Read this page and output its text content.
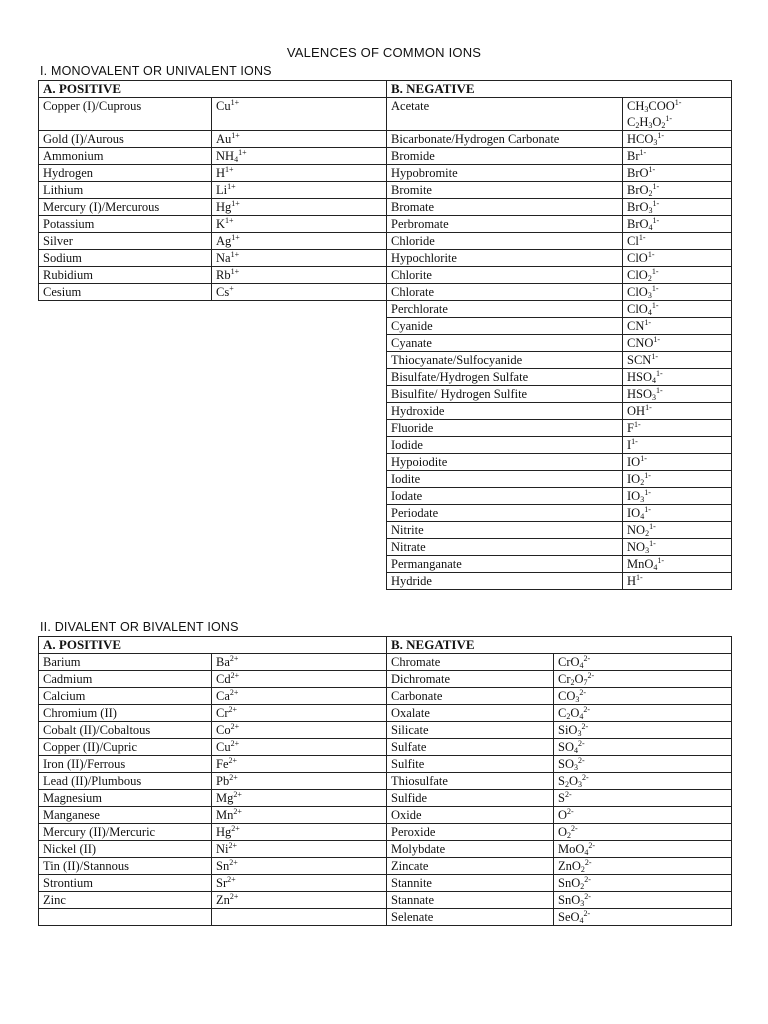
VALENCES OF COMMON IONS
I. MONOVALENT OR UNIVALENT IONS
A. POSITIVE		B. NEGATIVE	
Copper (I)/Cuprous	$Cu^{1+}$	Acetate	$CH_3COO^{1-}$
$C_2H_3O_2^{1-}$
Gold (I)/Aurous	$Au^{1+}$	Bicarbonate/Hydrogen Carbonate	$HCO_3^{1-}$
Ammonium	$NH_4^{1+}$	Bromide	$Br^{1-}$
Hydrogen	$H^{1+}$	Hypobromite	BrO$^{1-}$
Lithium	$Li^{1+}$	Bromite	BrO$_2^{1-}$
Mercury (I)/Mercurous	$Hg^{1+}$	Bromate	BrO$_3^{1-}$
Potassium	$K^{1+}$	Perbromate	BrO$_4^{1-}$
Silver	$Ag^{1+}$	Chloride	$Cl^{1-}$
Sodium	$Na^{1+}$	Hypochlorite	ClO$^{1-}$
Rubidium	$Rb^{1+}$	Chlorite	ClO$_2^{1-}$
Cesium	Cs+	Chlorate	ClO$_3^{1-}$
		Perchlorate	ClO$_4^{1-}$
		Cyanide	$CN^{1-}$
		Cyanate	$CNO^{1-}$
		Thiocyanate/Sulfocyanide	$SCN^{1-}$
		Bisulfate/Hydrogen Sulfate	$HSO_4^{1-}$
		Bisulfite/ Hydrogen Sulfite	$HSO_3^{1-}$
		Hydroxide	$OH^{1-}$
		Fluoride	$F^{1-}$
		Iodide	$I^{1-}$
		Hypoiodite	$IO^{1-}$
		Iodite	$IO_2^{1-}$
		Iodate	$IO_3^{1-}$
		Periodate	$IO_4^{1-}$
		Nitrite	$NO_2^{1-}$
		Nitrate	$NO_3^{1-}$
		Permanganate	MnO$_4^{1-}$
		Hydride	$H^{1-}$
II. DIVALENT OR BIVALENT IONS
A. POSITIVE		B. NEGATIVE	
Barium	$Ba^{2+}$	Chromate	CrO$_4^{2-}$
Cadmium	$Cd^{2+}$	Dichromate	$Cr_2O_7^{2-}$
Calcium	$Ca^{2+}$	Carbonate	$CO_3^{2-}$
Chromium (II)	$Cr^{2+}$	Oxalate	$C_2O_4^{2-}$
Cobalt (II)/Cobaltous	$Co^{2+}$	Silicate	SiO$_3^{2-}$
Copper (II)/Cupric	$Cu^{2+}$	Sulfate	$SO_4^{2-}$
Iron (II)/Ferrous	$Fe^{2+}$	Sulfite	$SO_3^{2-}$
Lead (II)/Plumbous	$Pb^{2+}$	Thiosulfate	$S_2O_3^{2-}$
Magnesium	$Mg^{2+}$	Sulfide	$S^{2-}$
Manganese	$Mn^{2+}$	Oxide	$O^{2-}$
Mercury (II)/Mercuric	$Hg^{2+}$	Peroxide	$O_2^{2-}$
Nickel (II)	$Ni^{2+}$	Molybdate	MoO$_4^{2-}$
Tin (II)/Stannous	$Sn^{2+}$	Zincate	ZnO$_2^{2-}$
Strontium	$Sr^{2+}$	Stannite	SnO$_2^{2-}$
Zinc	$Zn^{2+}$	Stannate	SnO$_3^{2-}$
		Selenate	SeO$_4^{2-}$
